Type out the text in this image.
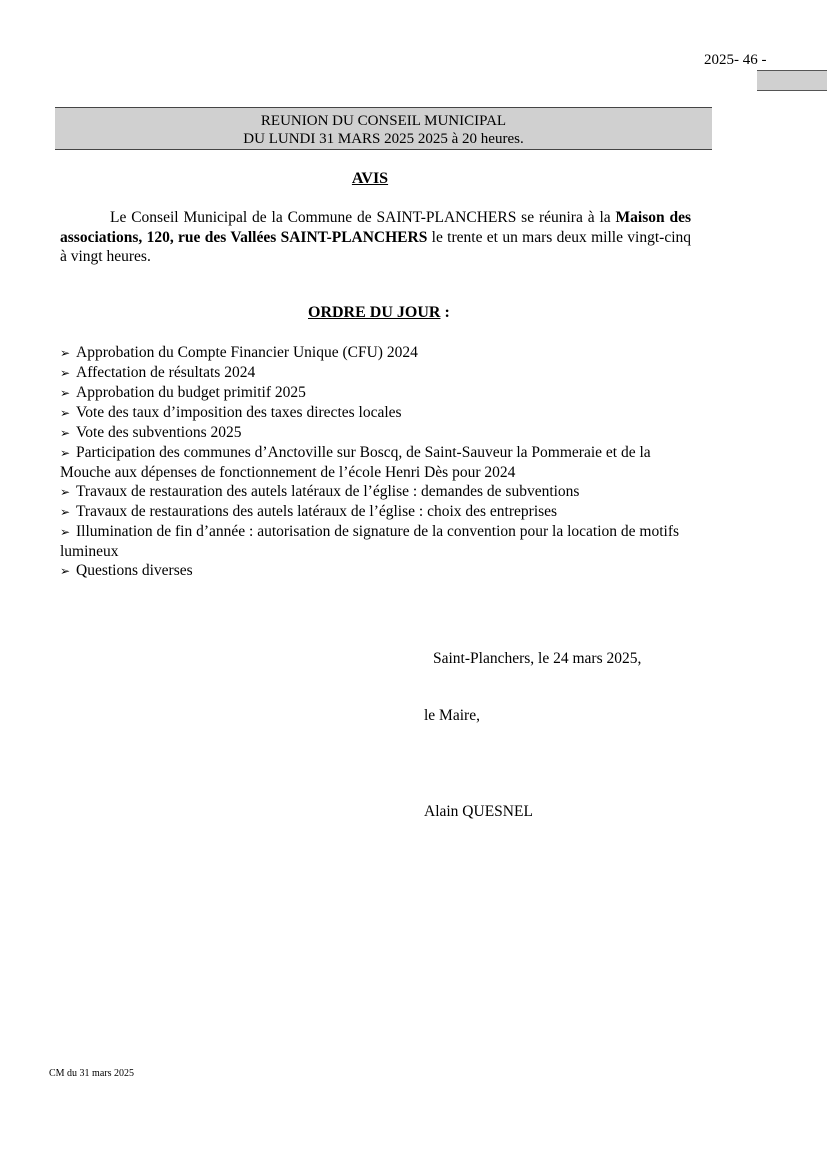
2025- 46 -
REUNION DU CONSEIL MUNICIPAL
DU LUNDI 31 MARS 2025 2025 à 20 heures.
AVIS

Le Conseil Municipal de la Commune de SAINT-PLANCHERS se réunira à la Maison des associations, 120, rue des Vallées SAINT-PLANCHERS le trente et un mars deux mille vingt-cinq à vingt heures.

ORDRE DU JOUR :
➢ Approbation du Compte Financier Unique (CFU) 2024
➢ Affectation de résultats 2024
➢ Approbation du budget primitif 2025
➢ Vote des taux d’imposition des taxes directes locales
➢ Vote des subventions 2025
➢ Participation des communes d’Anctoville sur Boscq, de Saint-Sauveur la Pommeraie et de la Mouche aux dépenses de fonctionnement de l’école Henri Dès pour 2024
➢ Travaux de restauration des autels latéraux de l’église : demandes de subventions
➢ Travaux de restaurations des autels latéraux de l’église : choix des entreprises
➢ Illumination de fin d’année : autorisation de signature de la convention pour la location de motifs lumineux
➢ Questions diverses
Saint-Planchers, le 24 mars 2025,
le Maire,
Alain QUESNEL
CM du 31 mars 2025
